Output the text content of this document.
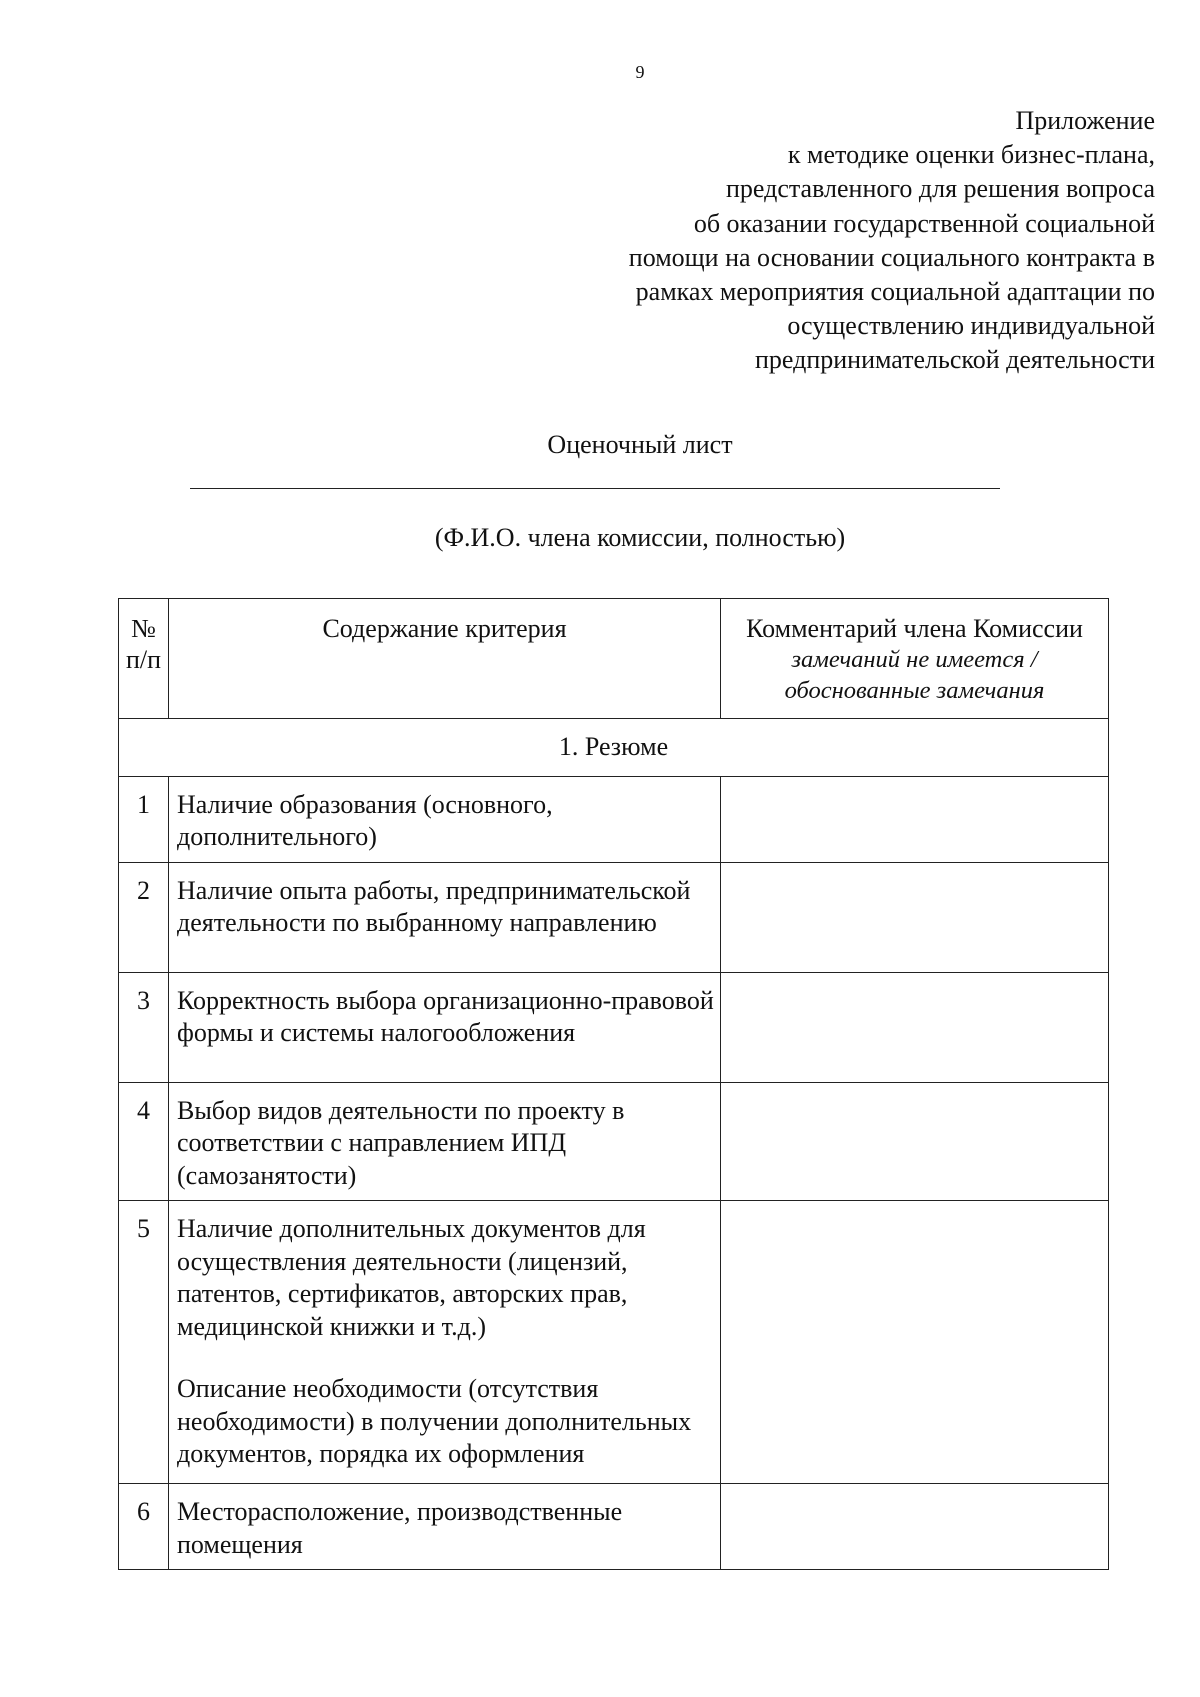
9
Приложение
к методике оценки бизнес-плана,
представленного для решения вопроса
об оказании государственной социальной
помощи на основании социального контракта в
рамках мероприятия социальной адаптации по
осуществлению индивидуальной
предпринимательской деятельности
Оценочный лист
(Ф.И.О. члена комиссии, полностью)
№ п/п	Содержание критерия	Комментарий члена Комиссии
замечаний не имеется / обоснованные замечания

1. Резюме		
1	Наличие образования (основного, дополнительного)	

2	Наличие опыта работы, предпринимательской деятельности по выбранному направлению	

3	Корректность выбора организационно-правовой формы и системы налогообложения	

4	Выбор видов деятельности по проекту в соответствии с направлением ИПД (самозанятости)	

5	Наличие дополнительных документов для осуществления деятельности (лицензий, патентов, сертификатов, авторских прав, медицинской книжки и т.д.)

Описание необходимости (отсутствия необходимости) в получении дополнительных документов, порядка их оформления	

6	Месторасположение, производственные помещения	
